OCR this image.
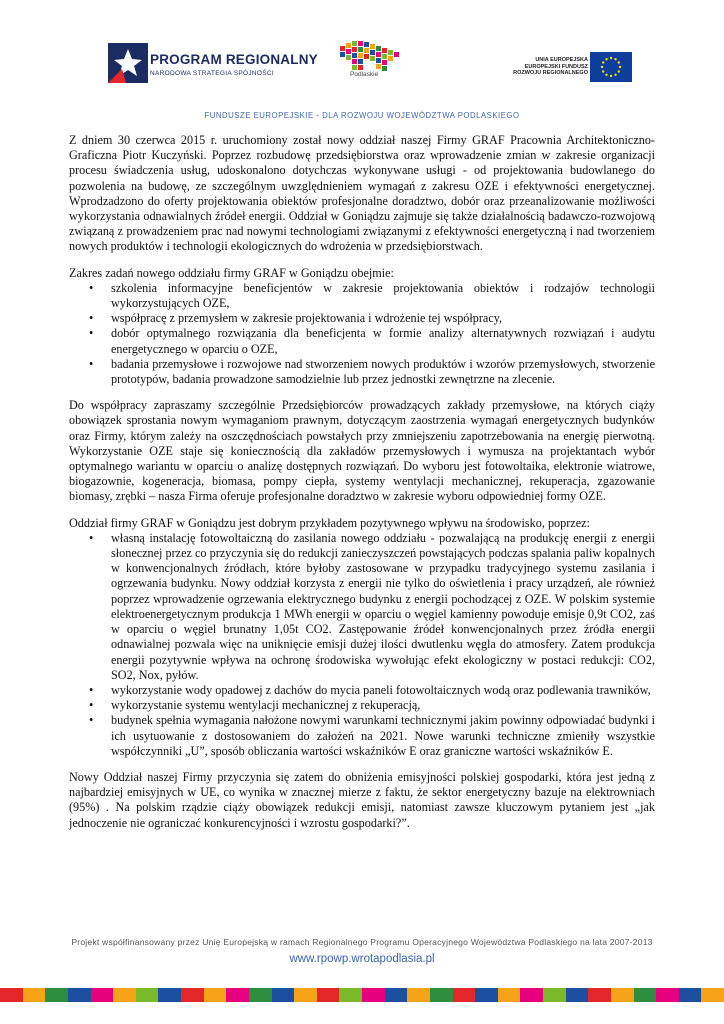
PROGRAM REGIONALNY
NARODOWA STRATEGIA SPÓJNOŚCI	Podlaskie
UNIA EUROPEJSKA
EUROPEJSKI FUNDUSZ
ROZWOJU REGIONALNEGO
FUNDUSZE EUROPEJSKIE - DLA ROZWOJU WOJEWÓDZTWA PODLASKIEGO

Z dniem 30 czerwca 2015 r. uruchomiony został nowy oddział naszej Firmy GRAF Pracownia Architektoniczno-Graficzna Piotr Kuczyński. Poprzez rozbudowę przedsiębiorstwa oraz wprowadzenie zmian w zakresie organizacji procesu świadczenia usług, udoskonalono dotychczas wykonywane usługi - od projektowania budowlanego do pozwolenia na budowę, ze szczególnym uwzględnieniem wymagań z zakresu OZE i efektywności energetycznej. Wprodzadzono do oferty projektowania obiektów profesjonalne doradztwo, dobór oraz przeanalizowanie możliwości wykorzystania odnawialnych źródeł energii. Oddział w Goniądzu zajmuje się także działalnością badawczo-rozwojową związaną z prowadzeniem prac nad nowymi technologiami związanymi z efektywności energetyczną i nad tworzeniem nowych produktów i technologii ekologicznych do wdrożenia w przedsiębiorstwach.

Zakres zadań nowego oddziału firmy GRAF w Goniądzu obejmie:

• szkolenia informacyjne beneficjentów w zakresie projektowania obiektów i rodzajów technologii wykorzystujących OZE,
• współpracę z przemysłem w zakresie projektowania i wdrożenie tej współpracy,
• dobór optymalnego rozwiązania dla beneficjenta w formie analizy alternatywnych rozwiązań i audytu energetycznego w oparciu o OZE,
• badania przemysłowe i rozwojowe nad stworzeniem nowych produktów i wzorów przemysłowych, stworzenie prototypów, badania prowadzone samodzielnie lub przez jednostki zewnętrzne na zlecenie.

Do współpracy zapraszamy szczególnie Przedsiębiorców prowadzących zakłady przemysłowe, na których ciąży obowiązek sprostania nowym wymaganiom prawnym, dotyczącym zaostrzenia wymagań energetycznych budynków oraz Firmy, którym zależy na oszczędnościach powstałych przy zmniejszeniu zapotrzebowania na energię pierwotną. Wykorzystanie OZE staje się koniecznością dla zakładów przemysłowych i wymusza na projektantach wybór optymalnego wariantu w oparciu o analizę dostępnych rozwiązań. Do wyboru jest fotowoltaika, elektronie wiatrowe, biogazownie, kogeneracja, biomasa, pompy ciepła, systemy wentylacji mechanicznej, rekuperacja, zgazowanie biomasy, zrębki – nasza Firma oferuje profesjonalne doradztwo w zakresie wyboru odpowiedniej formy OZE.

Oddział firmy GRAF w Goniądzu jest dobrym przykładem pozytywnego wpływu na środowisko, poprzez:

• własną instalację fotowoltaiczną do zasilania nowego oddziału - pozwalającą na produkcję energii z energii słonecznej przez co przyczynia się do redukcji zanieczyszczeń powstających podczas spalania paliw kopalnych w konwencjonalnych źródłach, które byłoby zastosowane w przypadku tradycyjnego systemu zasilania i ogrzewania budynku. Nowy oddział korzysta z energii nie tylko do oświetlenia i pracy urządzeń, ale również poprzez wprowadzenie ogrzewania elektrycznego budynku z energii pochodzącej z OZE. W polskim systemie elektroenergetycznym produkcja 1 MWh energii w oparciu o węgiel kamienny powoduje emisje 0,9t CO2, zaś w oparciu o węgiel brunatny 1,05t CO2. Zastępowanie źródeł konwencjonalnych przez źródła energii odnawialnej pozwala więc na uniknięcie emisji dużej ilości dwutlenku węgla do atmosfery. Zatem produkcja energii pozytywnie wpływa na ochronę środowiska wywołując efekt ekologiczny w postaci redukcji: CO2, SO2, Nox, pyłów.
• wykorzystanie wody opadowej z dachów do mycia paneli fotowoltaicznych wodą oraz podlewania trawników,
• wykorzystanie systemu wentylacji mechanicznej z rekuperacją,
• budynek spełnia wymagania nałożone nowymi warunkami technicznymi jakim powinny odpowiadać budynki i ich usytuowanie z dostosowaniem do założeń na 2021. Nowe warunki techniczne zmieniły wszystkie współczynniki „U”, sposób obliczania wartości wskaźników E oraz graniczne wartości wskaźników E.

Nowy Oddział naszej Firmy przyczynia się zatem do obniżenia emisyjności polskiej gospodarki, która jest jedną z najbardziej emisyjnych w UE, co wynika w znacznej mierze z faktu, że sektor energetyczny bazuje na elektrowniach (95%) . Na polskim rządzie ciąży obowiązek redukcji emisji, natomiast zawsze kluczowym pytaniem jest „jak jednoczenie nie ograniczać konkurencyjności i wzrostu gospodarki?”.

Projekt współfinansowany przez Unię Europejską w ramach Regionalnego Programu Operacyjnego Województwa Podlaskiego na lata 2007-2013
www.rpowp.wrotapodlasia.pl
